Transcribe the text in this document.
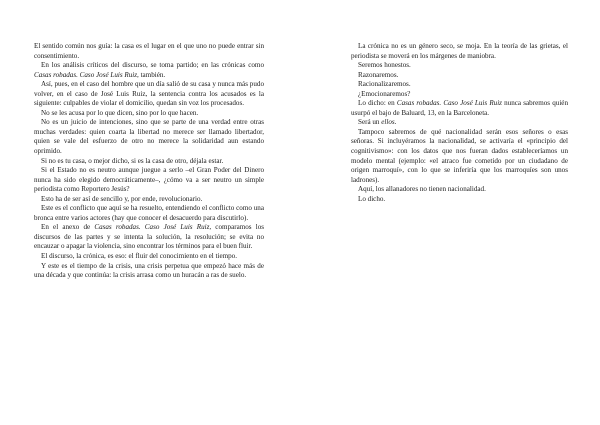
El sentido común nos guía: la casa es el lugar en el que uno no puede entrar sin consentimiento.

En los análisis críticos del discurso, se toma partido; en las crónicas como Casas robadas. Caso José Luis Ruiz, también.

Así, pues, en el caso del hombre que un día salió de su casa y nunca más pudo volver, en el caso de José Luis Ruiz, la sentencia contra los acusados es la siguiente: culpables de violar el domicilio, quedan sin voz los procesados.

No se les acusa por lo que dicen, sino por lo que hacen.

No es un juicio de intenciones, sino que se parte de una verdad entre otras muchas verdades: quien coarta la libertad no merece ser llamado libertador, quien se vale del esfuerzo de otro no merece la solidaridad aun estando oprimido.

Si no es tu casa, o mejor dicho, si es la casa de otro, déjala estar.

Si el Estado no es neutro aunque juegue a serlo –el Gran Poder del Dinero nunca ha sido elegido democráticamente–, ¿cómo va a ser neutro un simple periodista como Reportero Jesús?

Esto ha de ser así de sencillo y, por ende, revolucionario.

Este es el conflicto que aquí se ha resuelto, entendiendo el conflicto como una bronca entre varios actores (hay que conocer el desacuerdo para discutirlo).

En el anexo de Casas robadas. Caso José Luis Ruiz, comparamos los discursos de las partes y se intenta la solución, la resolución; se evita no encauzar o apagar la violencia, sino encontrar los términos para el buen fluir.

El discurso, la crónica, es eso: el fluir del conocimiento en el tiempo.

Y este es el tiempo de la crisis, una crisis perpetua que empezó hace más de una década y que continúa: la crisis arrasa como un huracán a ras de suelo.

La crónica no es un género seco, se moja. En la teoría de las grietas, el periodista se moverá en los márgenes de maniobra.

Seremos honestos.

Razonaremos.

Racionalizaremos.

¿Emocionaremos?

Lo dicho: en Casas robadas. Caso José Luis Ruiz nunca sabremos quién usurpó el bajo de Baluard, 13, en la Barceloneta.

Será un ellos.

Tampoco sabremos de qué nacionalidad serán esos señores o esas señoras. Si incluyéramos la nacionalidad, se activaría el «principio del cognitivismo»: con los datos que nos fueran dados estableceríamos un modelo mental (ejemplo: «el atraco fue cometido por un ciudadano de origen marroquí», con lo que se inferiría que los marroquíes son unos ladrones).

Aquí, los allanadores no tienen nacionalidad.

Lo dicho.
